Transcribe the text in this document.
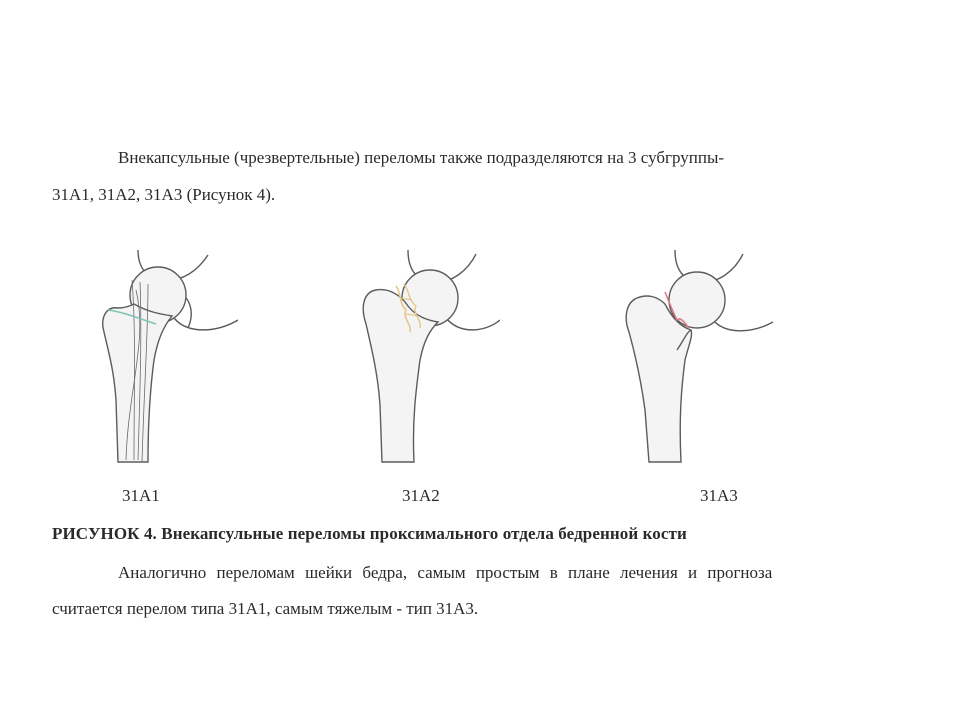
Внекапсульные (чрезвертельные) переломы также подразделяются на 3 субгруппы-
31A1, 31A2, 31A3 (Рисунок 4).
31A1	31A2	31A3
РИСУНОК 4. Внекапсульные переломы проксимального отдела бедренной кости
Аналогично переломам шейки бедра, самым простым в плане лечения и прогноза
считается перелом типа 31A1, самым тяжелым - тип 31A3.
